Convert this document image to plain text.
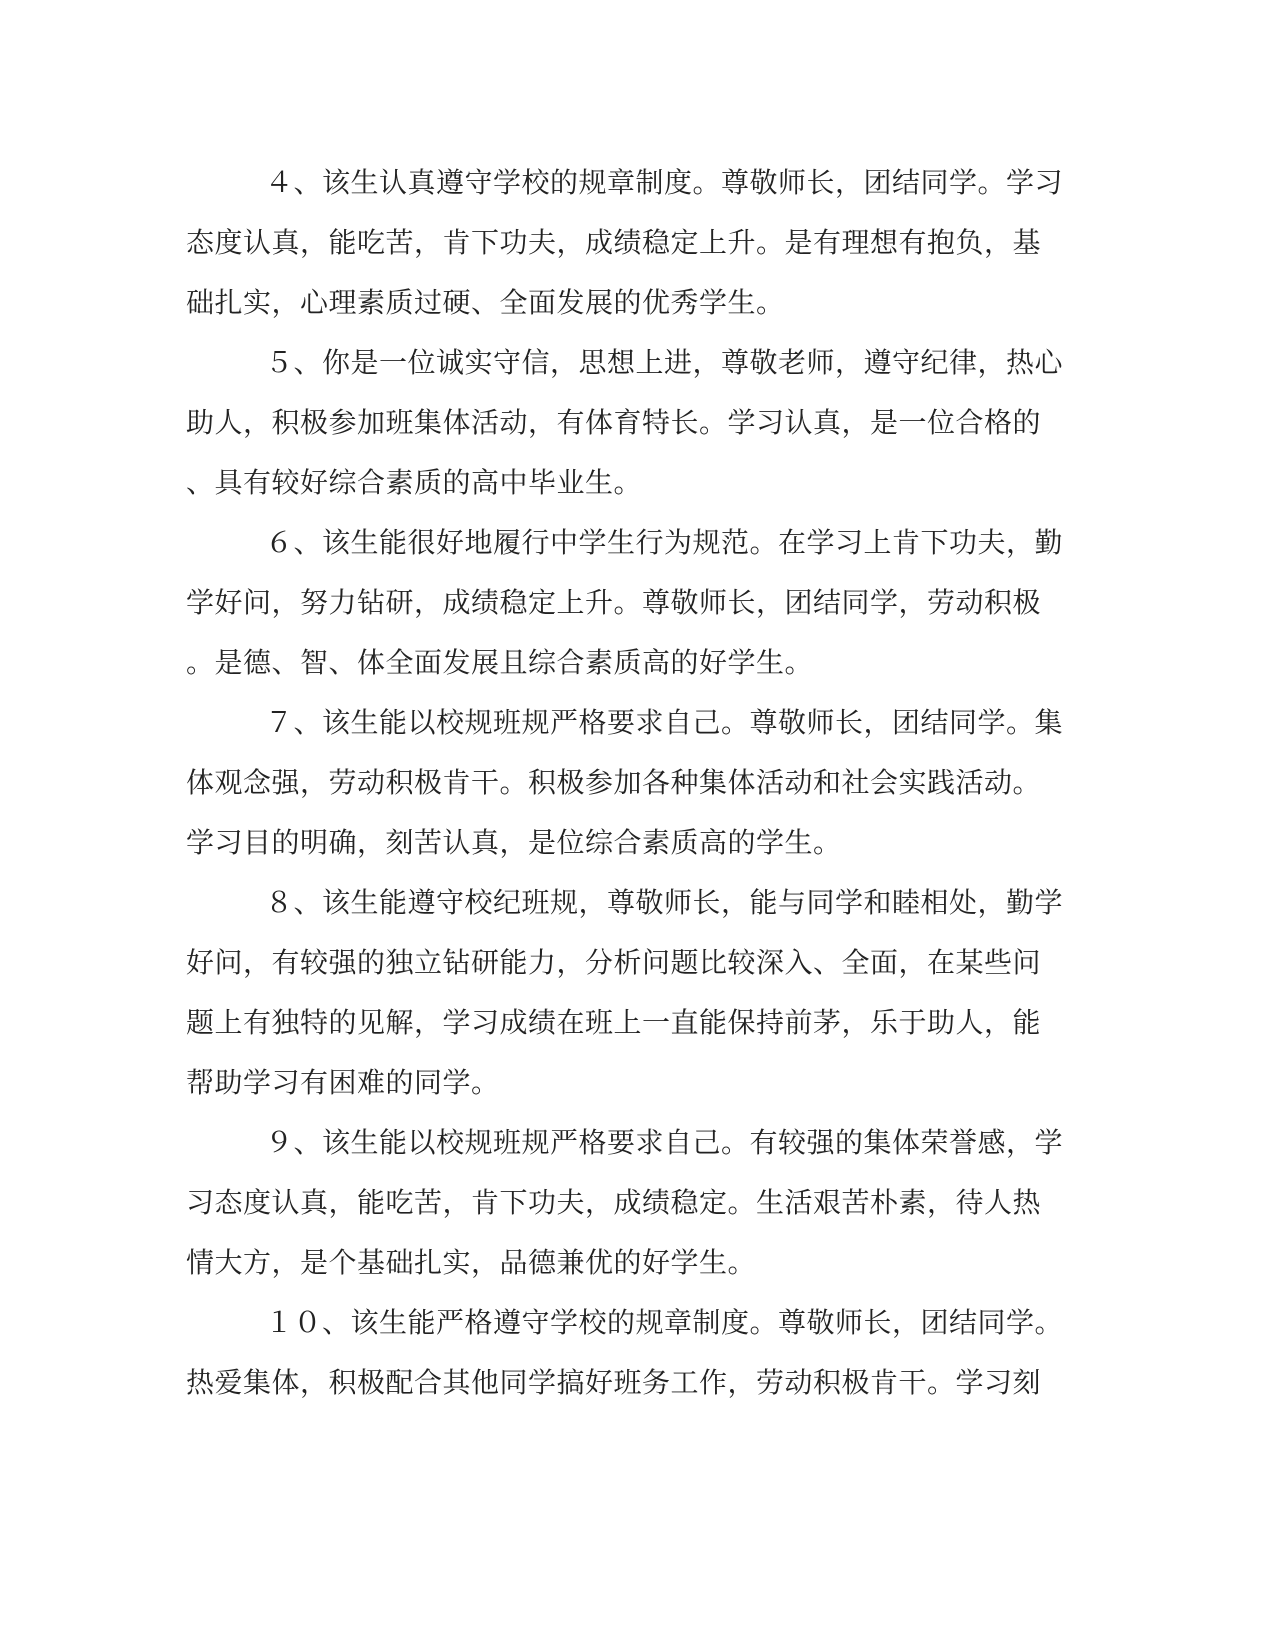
４、该生认真遵守学校的规章制度。尊敬师长，团结同学。学习
态度认真，能吃苦，肯下功夫，成绩稳定上升。是有理想有抱负，基
础扎实，心理素质过硬、全面发展的优秀学生。
５、你是一位诚实守信，思想上进，尊敬老师，遵守纪律，热心
助人，积极参加班集体活动，有体育特长。学习认真，是一位合格的
、具有较好综合素质的高中毕业生。
６、该生能很好地履行中学生行为规范。在学习上肯下功夫，勤
学好问，努力钻研，成绩稳定上升。尊敬师长，团结同学，劳动积极
。是德、智、体全面发展且综合素质高的好学生。
７、该生能以校规班规严格要求自己。尊敬师长，团结同学。集
体观念强，劳动积极肯干。积极参加各种集体活动和社会实践活动。
学习目的明确，刻苦认真，是位综合素质高的学生。
８、该生能遵守校纪班规，尊敬师长，能与同学和睦相处，勤学
好问，有较强的独立钻研能力，分析问题比较深入、全面，在某些问
题上有独特的见解，学习成绩在班上一直能保持前茅，乐于助人，能
帮助学习有困难的同学。
９、该生能以校规班规严格要求自己。有较强的集体荣誉感，学
习态度认真，能吃苦，肯下功夫，成绩稳定。生活艰苦朴素，待人热
情大方，是个基础扎实，品德兼优的好学生。
１０、该生能严格遵守学校的规章制度。尊敬师长，团结同学。
热爱集体，积极配合其他同学搞好班务工作，劳动积极肯干。学习刻
